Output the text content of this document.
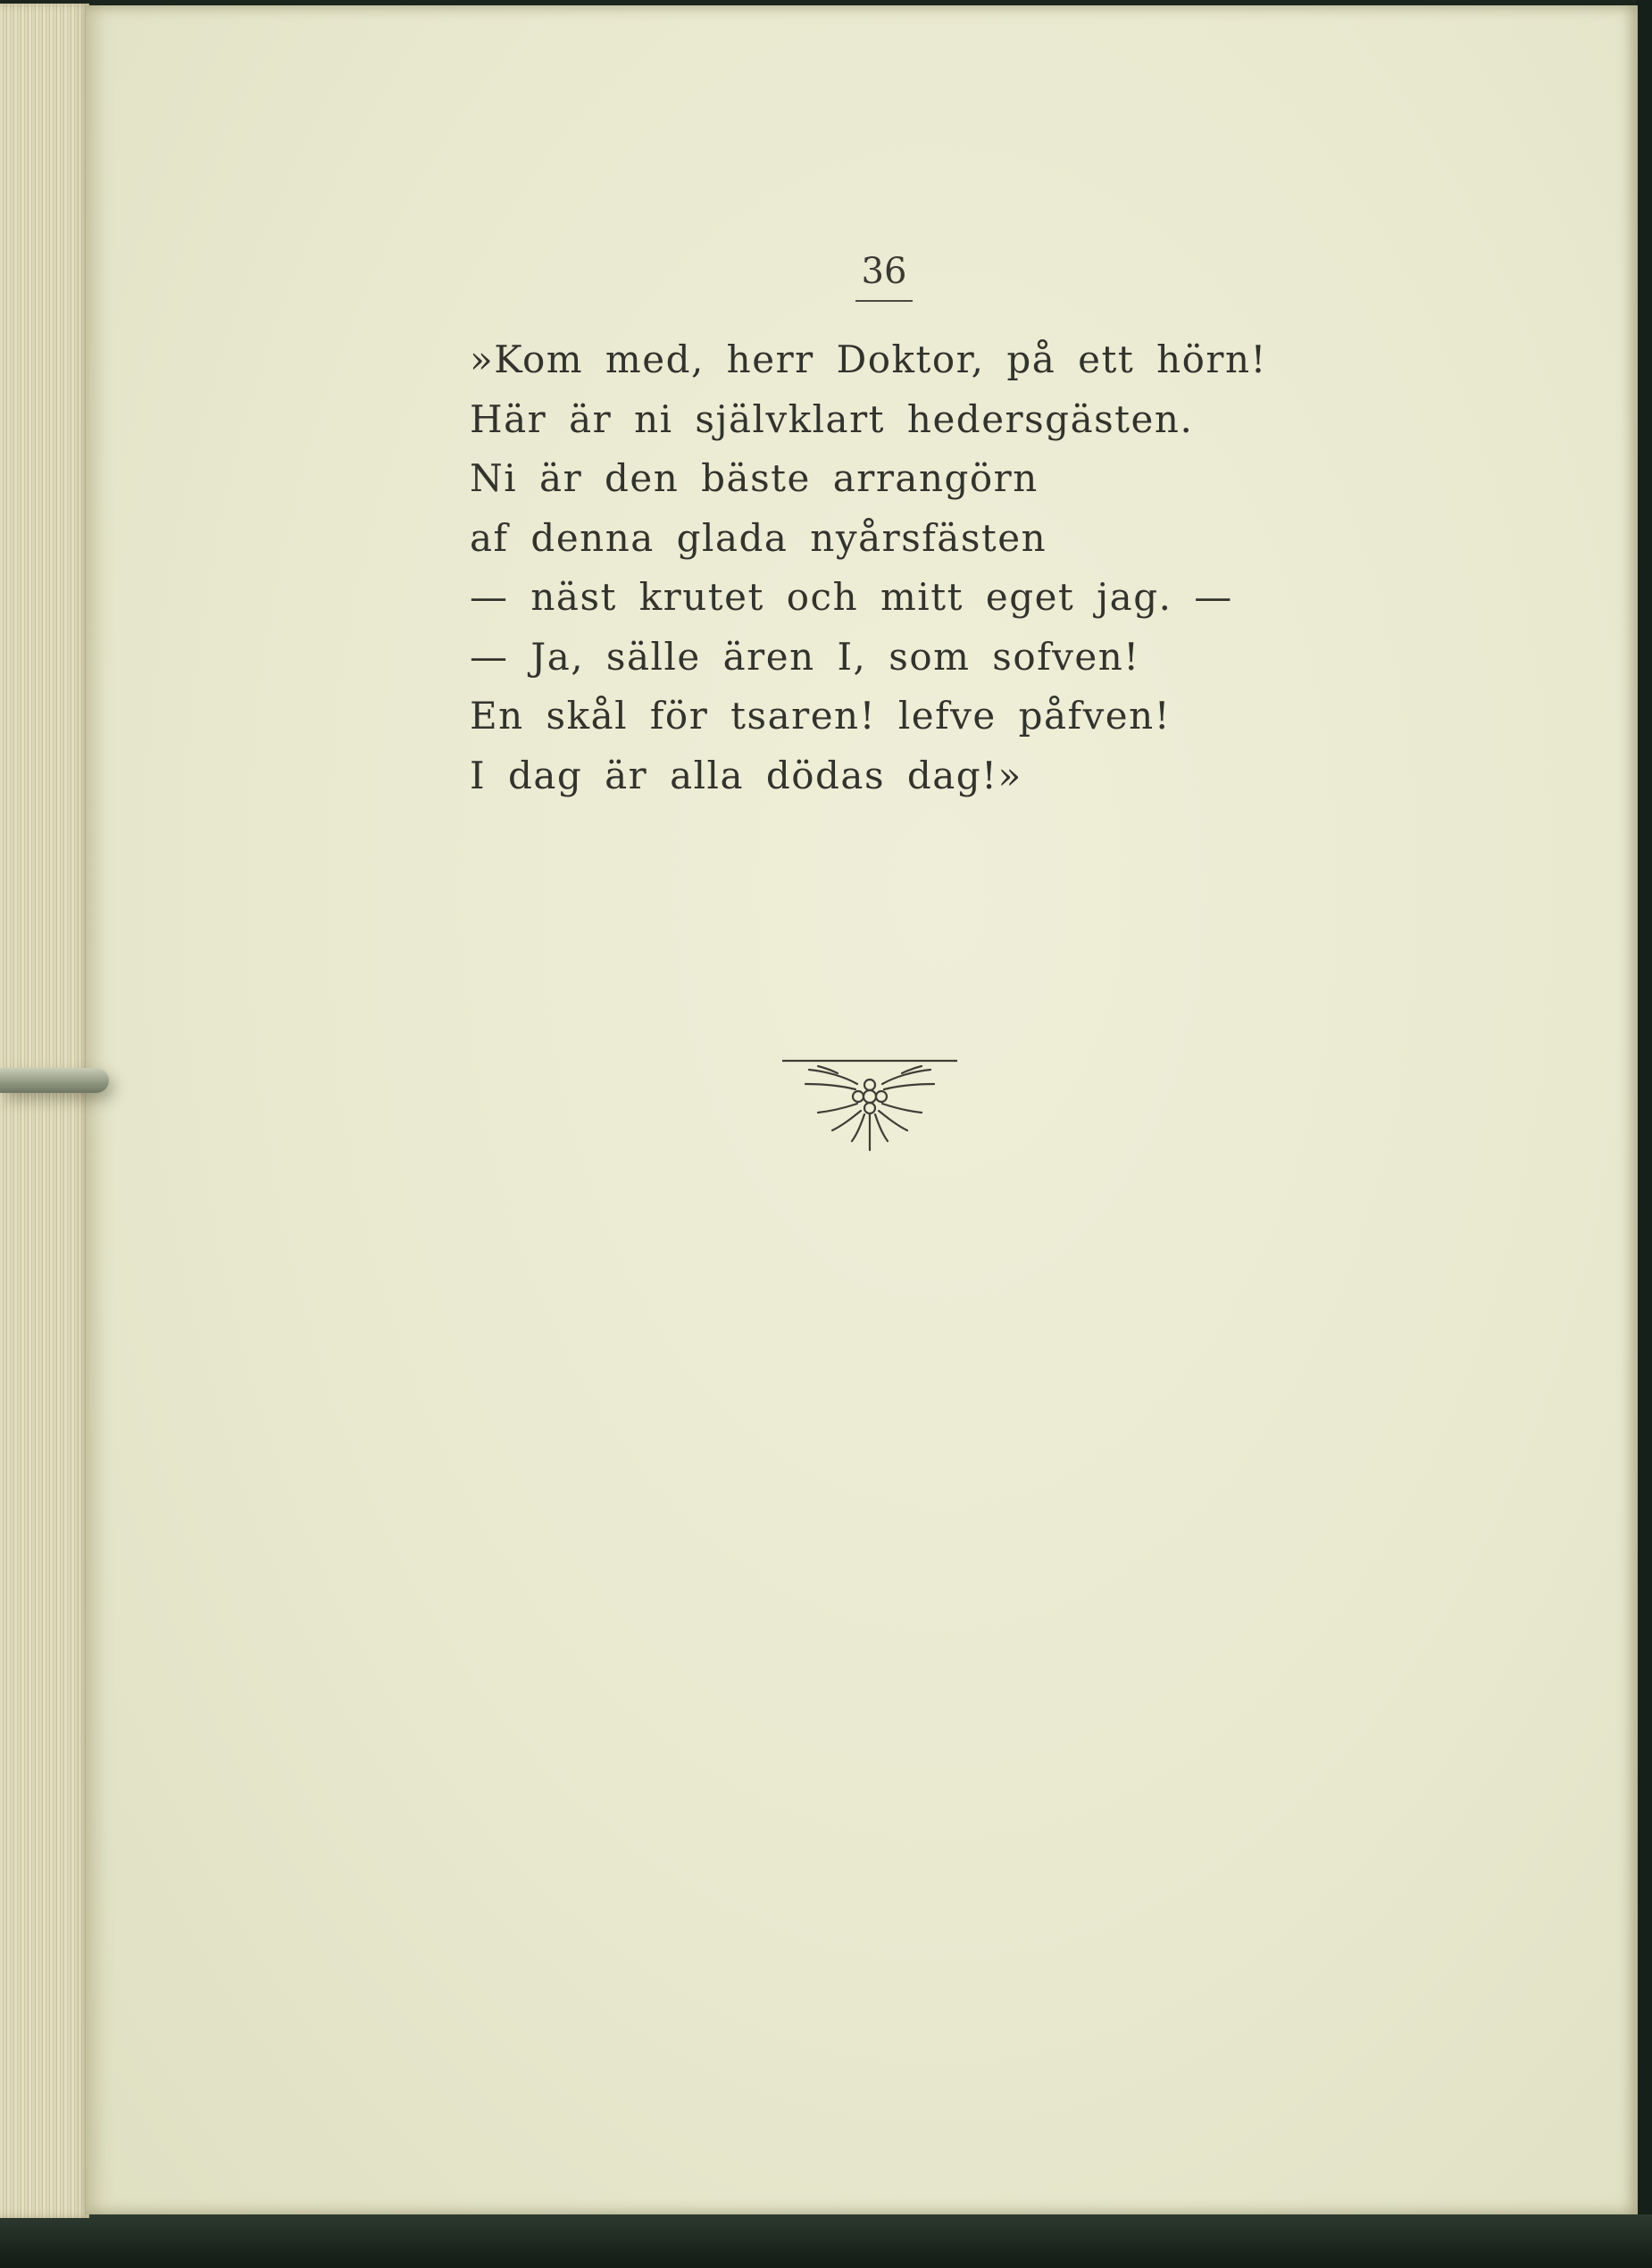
36
»Kom med, herr Doktor, på ett hörn!
Här är ni självklart hedersgästen.
Ni är den bäste arrangörn
af denna glada nyårsfästen
— näst krutet och mitt eget jag. —
— Ja, sälle ären I, som sofven!
En skål för tsaren! lefve påfven!
I dag är alla dödas dag!»
